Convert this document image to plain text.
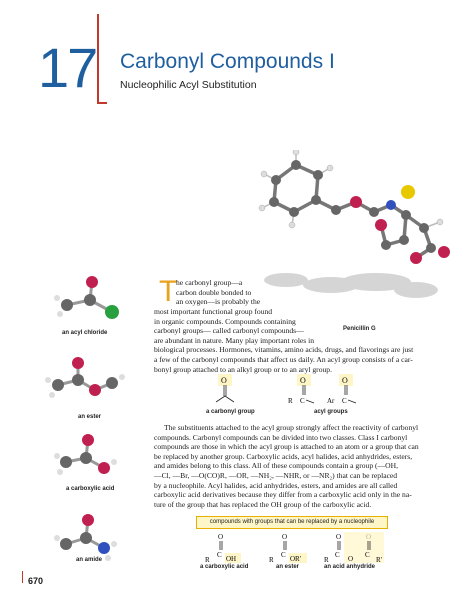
17 Carbonyl Compounds I
Nucleophilic Acyl Substitution
Penicillin G
an acyl chloride
an ester
a carboxylic acid
an amide
T
he carbonyl group—a
carbon double bonded to
an oxygen—is probably the
most important functional group found
in organic compounds. Compounds containing
carbonyl groups— called carbonyl compounds—
are abundant in nature. Many play important roles in
biological processes. Hormones, vitamins, amino acids, drugs, and flavorings are just
a few of the carbonyl compounds that affect us daily. An acyl group consists of a car-
bonyl group attached to an alkyl group or to an aryl group.
O	O
C
R
O
C
Ar
a carbonyl group	acyl groups
The substituents attached to the acyl group strongly affect the reactivity of carbonyl
compounds. Carbonyl compounds can be divided into two classes. Class I carbonyl
compounds are those in which the acyl group is attached to an atom or a group that can
be replaced by another group. Carboxylic acids, acyl halides, acid anhydrides, esters,
and amides belong to this class. All of these compounds contain a group (—OH,
—Cl, —Br, —O(CO)R, —OR, —NH₂, —NHR, or —NR₂) that can be replaced
by a nucleophile. Acyl halides, acid anhydrides, esters, and amides are all called
carboxylic acid derivatives because they differ from a carboxylic acid only in the na-
ture of the group that has replaced the OH group of the carboxylic acid.
compounds with groups that can be replaced by a nucleophile
O
C
R OH
O
C
R OR'
O
C
R	O C
R'
a carboxylic acid	an ester	an acid anhydride
670
